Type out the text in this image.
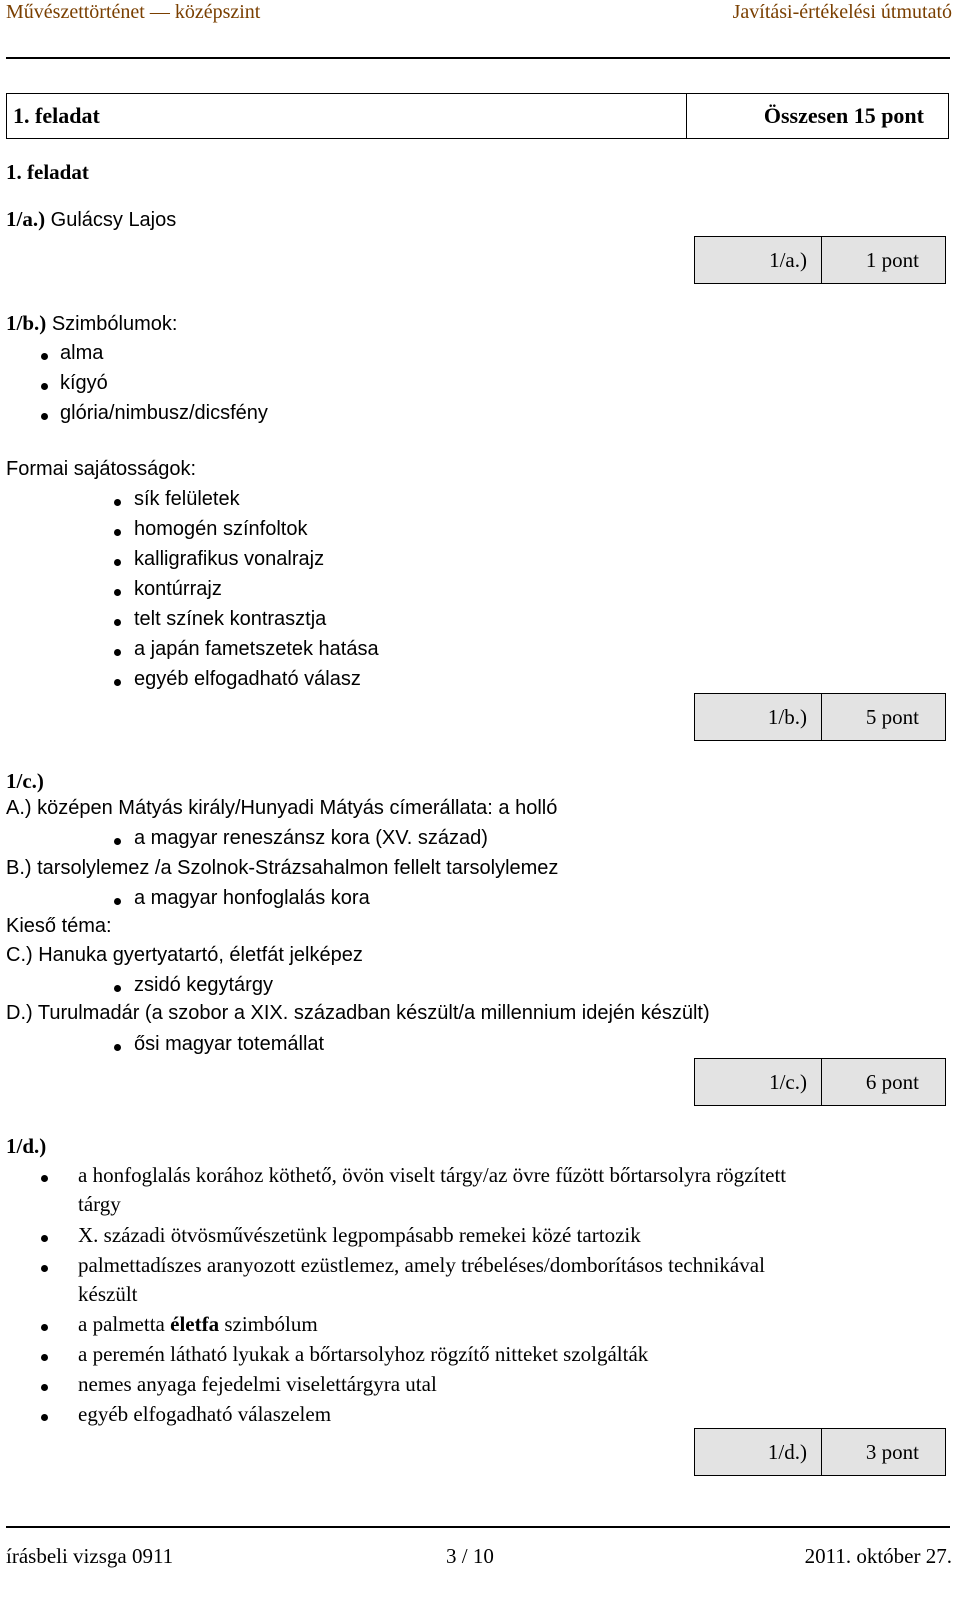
Művészettörténet — középszint	Javítási-értékelési útmutató
1. feladat	Összesen 15 pont
1. feladat
1/a.) Gulácsy Lajos
1/a.)	1 pont
1/b.) Szimbólumok:
alma
kígyó
glória/nimbusz/dicsfény
Formai sajátosságok:
sík felületek
homogén színfoltok
kalligrafikus vonalrajz
kontúrrajz
telt színek kontrasztja
a japán fametszetek hatása
egyéb elfogadható válasz
1/b.)	5 pont
1/c.)
A.) középen Mátyás király/Hunyadi Mátyás címerállata: a holló
a magyar reneszánsz kora (XV. század)
B.) tarsolylemez /a Szolnok-Strázsahalmon fellelt tarsolylemez
a magyar honfoglalás kora
Kieső téma:
C.) Hanuka gyertyatartó, életfát jelképez
zsidó kegytárgy
D.) Turulmadár (a szobor a XIX. században készült/a millennium idején készült)
ősi magyar totemállat
1/c.)	6 pont
1/d.)
a honfoglalás korához köthető, övön viselt tárgy/az övre fűzött bőrtarsolyra rögzített
tárgy
X. századi ötvösművészetünk legpompásabb remekei közé tartozik
palmettadíszes aranyozott ezüstlemez, amely trébeléses/domborításos technikával
készült
a palmetta életfa szimbólum
a peremén látható lyukak a bőrtarsolyhoz rögzítő nitteket szolgálták
nemes anyaga fejedelmi viselettárgyra utal
egyéb elfogadható válaszelem
1/d.)	3 pont
írásbeli vizsga 0911	3 / 10	2011. október 27.
